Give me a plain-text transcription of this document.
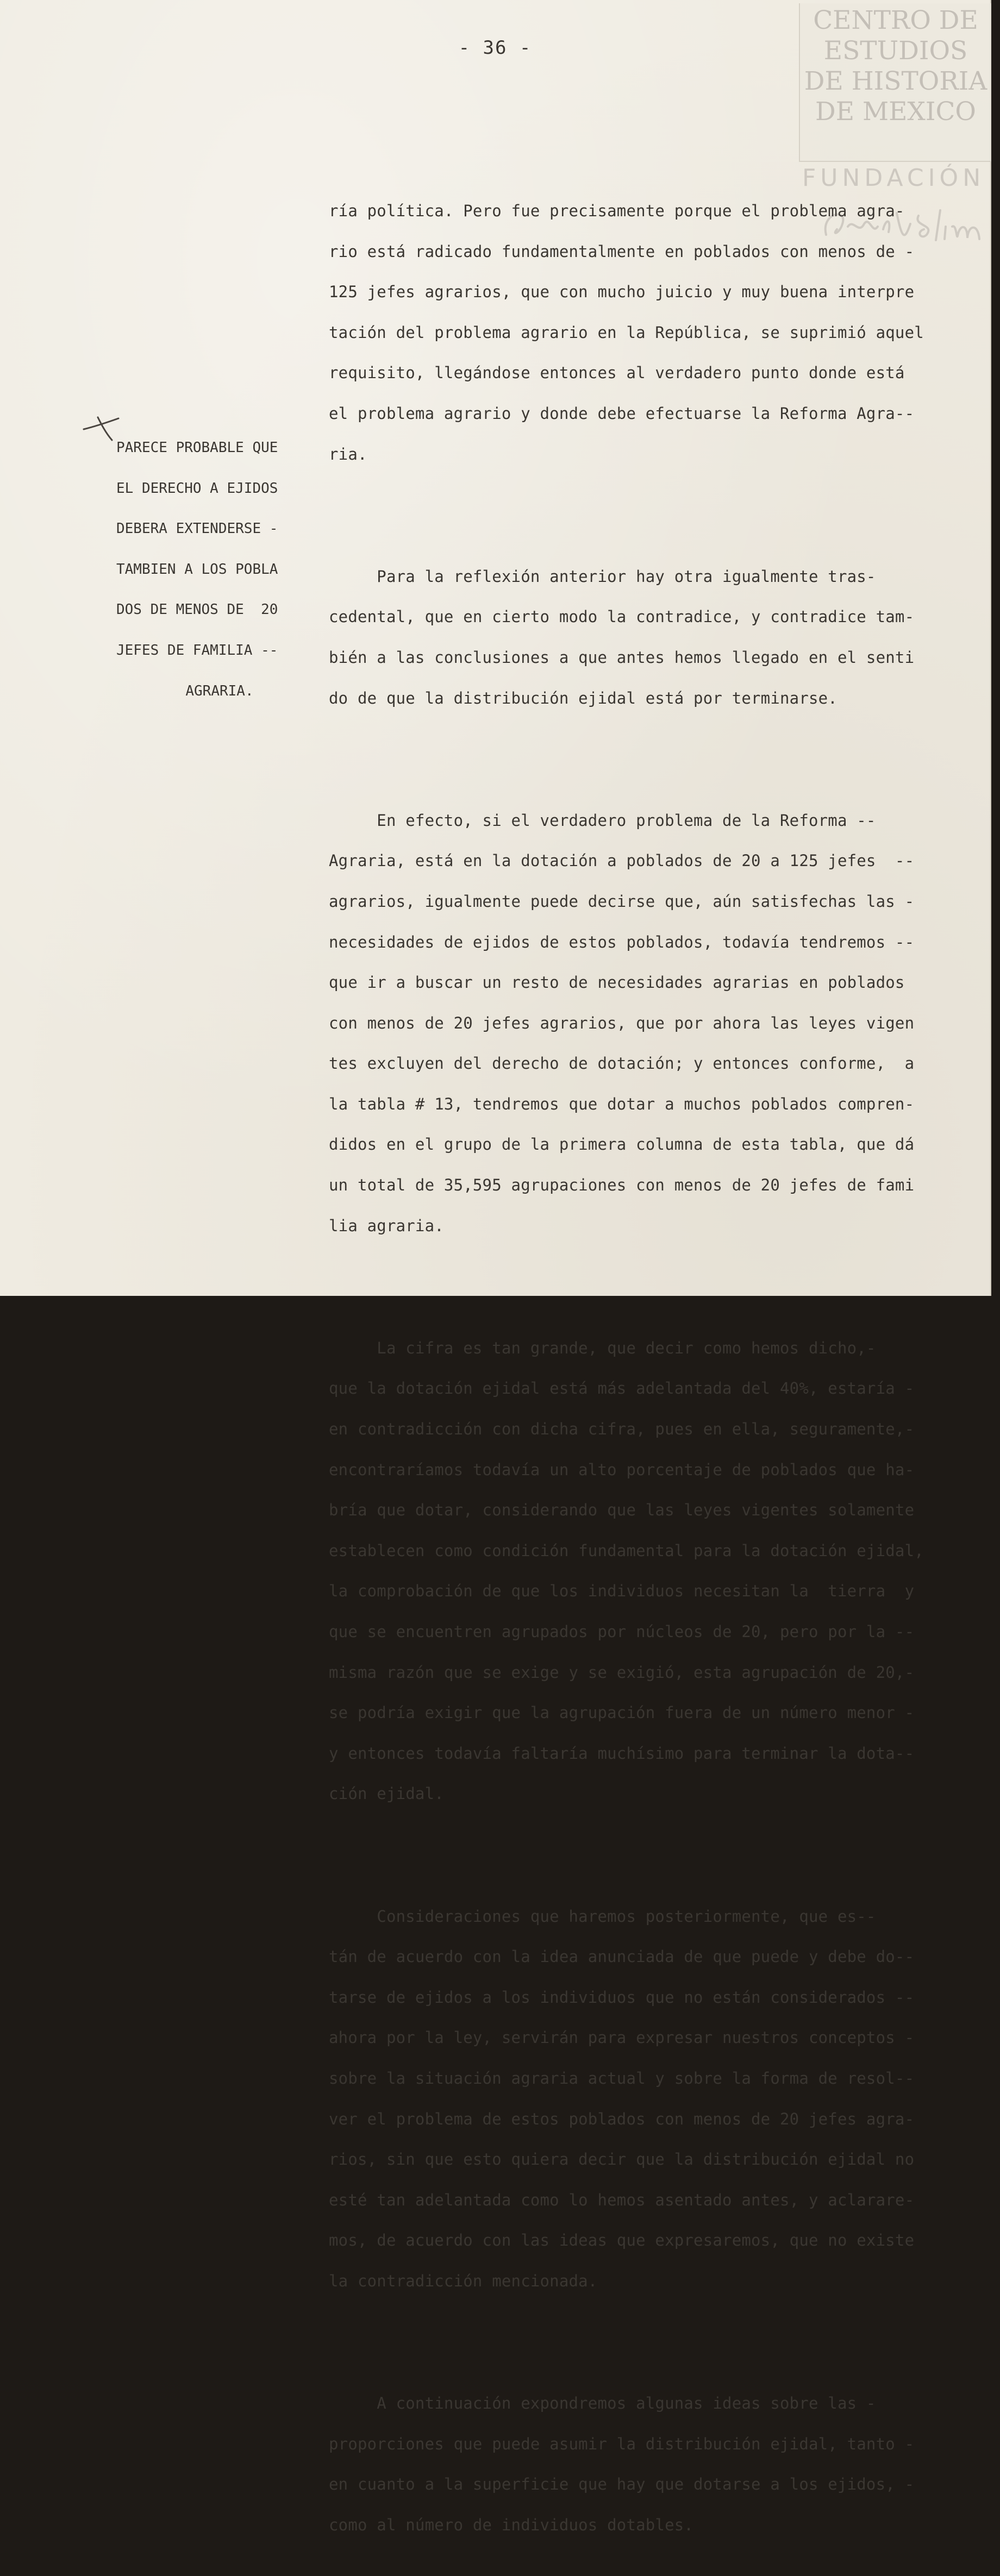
CENTRO DE
ESTUDIOS
DE HISTORIA
DE MEXICO
FUNDACIÓN
- 36 -

PARECE PROBABLE QUE

EL DERECHO A EJIDOS

DEBERA EXTENDERSE -

TAMBIEN A LOS POBLA

DOS DE MENOS DE  20

JEFES DE FAMILIA --

AGRARIA.

ría política. Pero fue precisamente porque el problema agra-

rio está radicado fundamentalmente en poblados con menos de -

125 jefes agrarios, que con mucho juicio y muy buena interpre

tación del problema agrario en la República, se suprimió aquel

requisito, llegándose entonces al verdadero punto donde está

el problema agrario y donde debe efectuarse la Reforma Agra--

ria.

Para la reflexión anterior hay otra igualmente tras-

cedental, que en cierto modo la contradice, y contradice tam-

bién a las conclusiones a que antes hemos llegado en el senti

do de que la distribución ejidal está por terminarse.

En efecto, si el verdadero problema de la Reforma --

Agraria, está en la dotación a poblados de 20 a 125 jefes  --

agrarios, igualmente puede decirse que, aún satisfechas las -

necesidades de ejidos de estos poblados, todavía tendremos --

que ir a buscar un resto de necesidades agrarias en poblados

con menos de 20 jefes agrarios, que por ahora las leyes vigen

tes excluyen del derecho de dotación; y entonces conforme,  a

la tabla # 13, tendremos que dotar a muchos poblados compren-

didos en el grupo de la primera columna de esta tabla, que dá

un total de 35,595 agrupaciones con menos de 20 jefes de fami

lia agraria.

La cifra es tan grande, que decir como hemos dicho,-

que la dotación ejidal está más adelantada del 40%, estaría -

en contradicción con dicha cifra, pues en ella, seguramente,-

encontraríamos todavía un alto porcentaje de poblados que ha-

bría que dotar, considerando que las leyes vigentes solamente

establecen como condición fundamental para la dotación ejidal,

la comprobación de que los individuos necesitan la  tierra  y

que se encuentren agrupados por núcleos de 20, pero por la --

misma razón que se exige y se exigió, esta agrupación de 20,-

se podría exigir que la agrupación fuera de un número menor -

y entonces todavía faltaría muchísimo para terminar la dota--

ción ejidal.

Consideraciones que haremos posteriormente, que es--

tán de acuerdo con la idea anunciada de que puede y debe do--

tarse de ejidos a los individuos que no están considerados --

ahora por la ley, servirán para expresar nuestros conceptos -

sobre la situación agraria actual y sobre la forma de resol--

ver el problema de estos poblados con menos de 20 jefes agra-

rios, sin que esto quiera decir que la distribución ejidal no

esté tan adelantada como lo hemos asentado antes, y aclarare-

mos, de acuerdo con las ideas que expresaremos, que no existe

la contradicción mencionada.

A continuación expondremos algunas ideas sobre las -

proporciones que puede asumir la distribución ejidal, tanto -

en cuanto a la superficie que hay que dotarse a los ejidos, -

como al número de individuos dotables.
